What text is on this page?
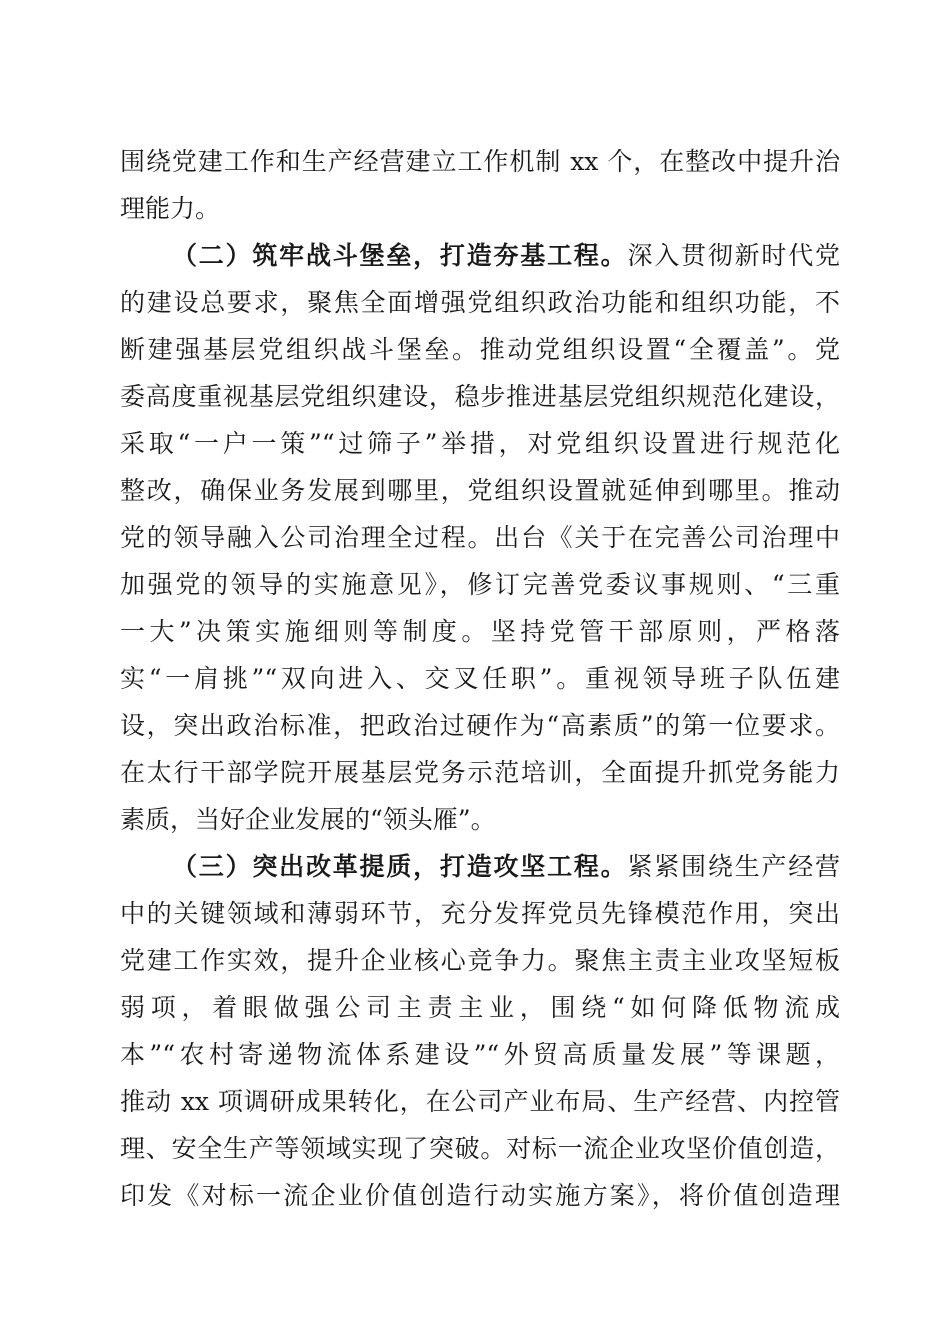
围绕党建工作和生产经营建立工作机制 xx 个，在整改中提升治
理能力。
（二）筑牢战斗堡垒，打造夯基工程。深入贯彻新时代党
的建设总要求，聚焦全面增强党组织政治功能和组织功能，不
断建强基层党组织战斗堡垒。推动党组织设置“全覆盖”。党
委高度重视基层党组织建设，稳步推进基层党组织规范化建设，
采取“一户一策”“过筛子”举措，对党组织设置进行规范化
整改，确保业务发展到哪里，党组织设置就延伸到哪里。推动
党的领导融入公司治理全过程。出台《关于在完善公司治理中
加强党的领导的实施意见》，修订完善党委议事规则、“三重
一大”决策实施细则等制度。坚持党管干部原则，严格落
实“一肩挑”“双向进入、交叉任职”。重视领导班子队伍建
设，突出政治标准，把政治过硬作为“高素质”的第一位要求。
在太行干部学院开展基层党务示范培训，全面提升抓党务能力
素质，当好企业发展的“领头雁”。
（三）突出改革提质，打造攻坚工程。紧紧围绕生产经营
中的关键领域和薄弱环节，充分发挥党员先锋模范作用，突出
党建工作实效，提升企业核心竞争力。聚焦主责主业攻坚短板
弱项，着眼做强公司主责主业，围绕“如何降低物流成
本”“农村寄递物流体系建设”“外贸高质量发展”等课题，
推动 xx 项调研成果转化，在公司产业布局、生产经营、内控管
理、安全生产等领域实现了突破。对标一流企业攻坚价值创造，
印发《对标一流企业价值创造行动实施方案》，将价值创造理
